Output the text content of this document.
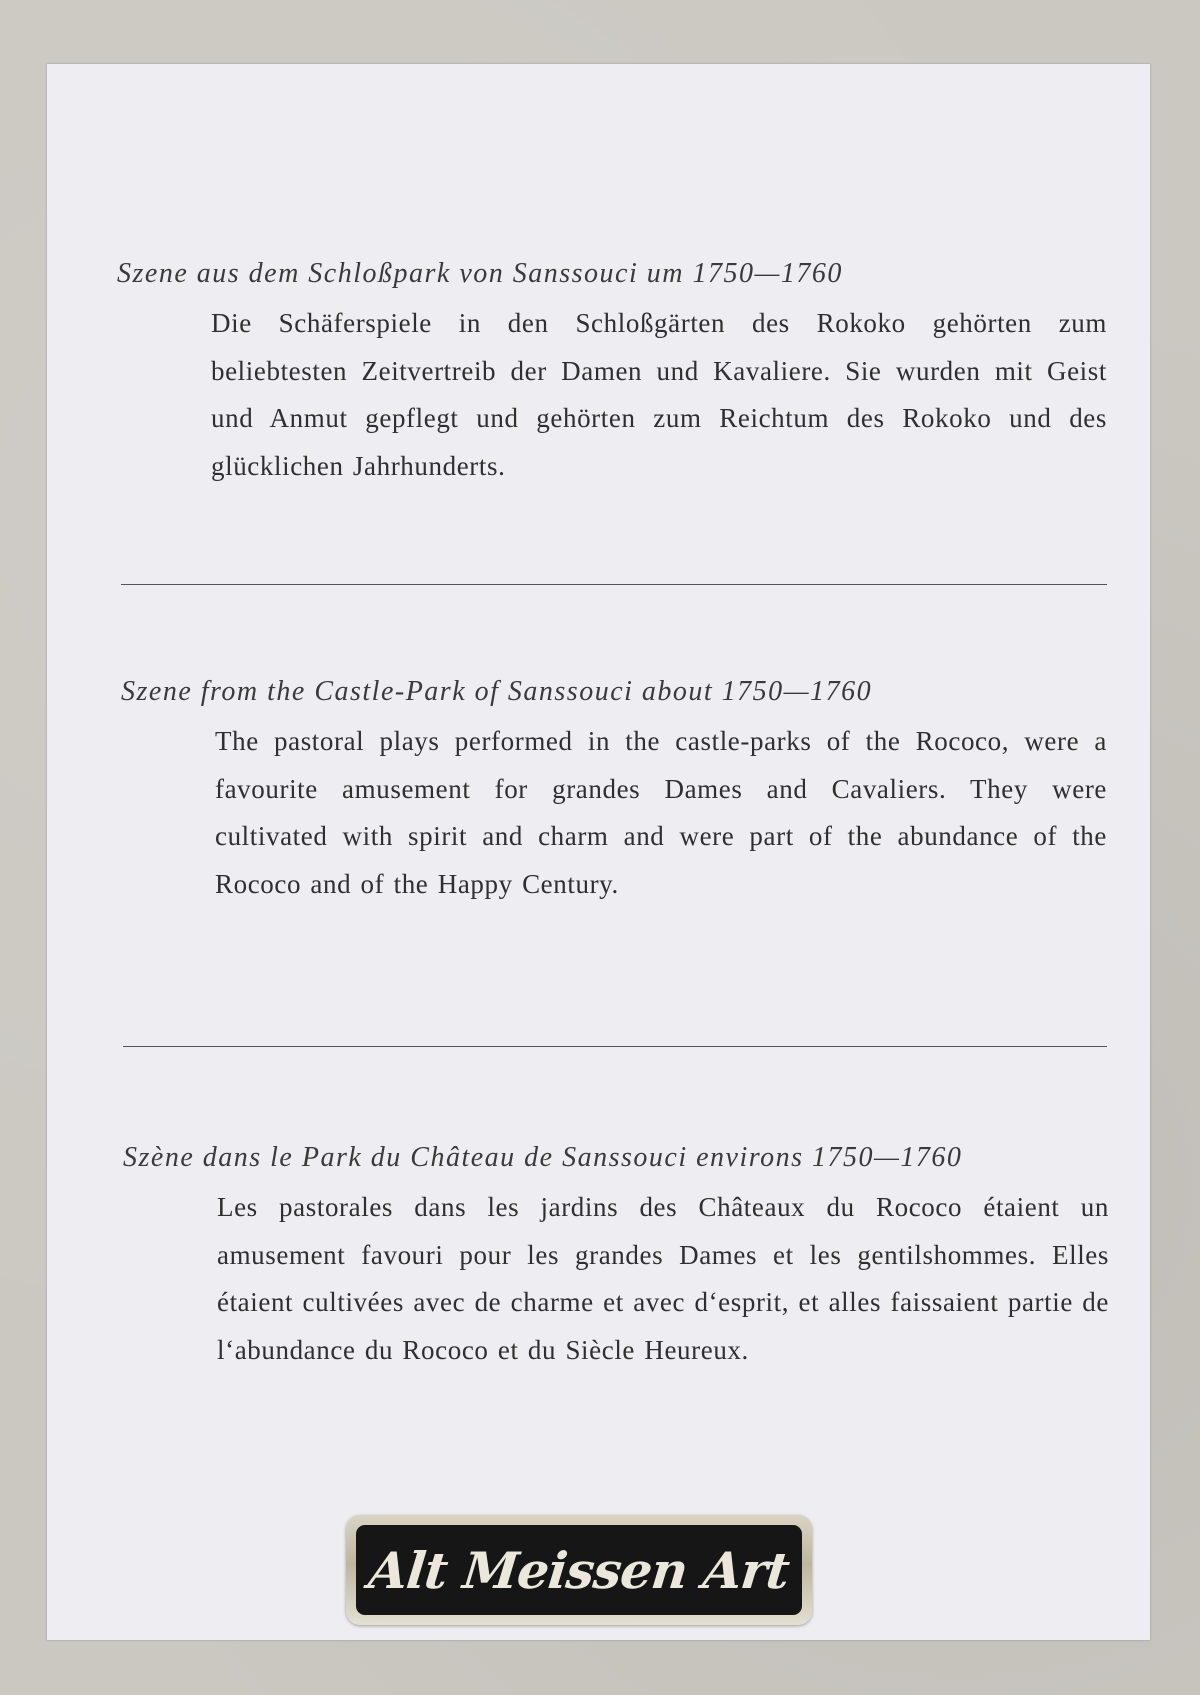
Szene aus dem Schloßpark von Sanssouci um 1750—1760
Die Schäferspiele in den Schloßgärten des Rokoko gehörten zum beliebtesten Zeitvertreib der Damen und Kavaliere. Sie wurden mit Geist und Anmut gepflegt und gehörten zum Reichtum des Rokoko und des glücklichen Jahrhunderts.
Szene from the Castle-Park of Sanssouci about 1750—1760
The pastoral plays performed in the castle-parks of the Rococo, were a favourite amusement for grandes Dames and Cavaliers. They were cultivated with spirit and charm and were part of the abundance of the Rococo and of the Happy Century.
Szène dans le Park du Château de Sanssouci environs 1750—1760
Les pastorales dans les jardins des Châteaux du Rococo étaient un amusement favouri pour les grandes Dames et les gentilshommes. Elles étaient cultivées avec de charme et avec d‘esprit, et alles faissaient partie de l‘abundance du Rococo et du Siècle Heureux.
Alt Meissen Art
